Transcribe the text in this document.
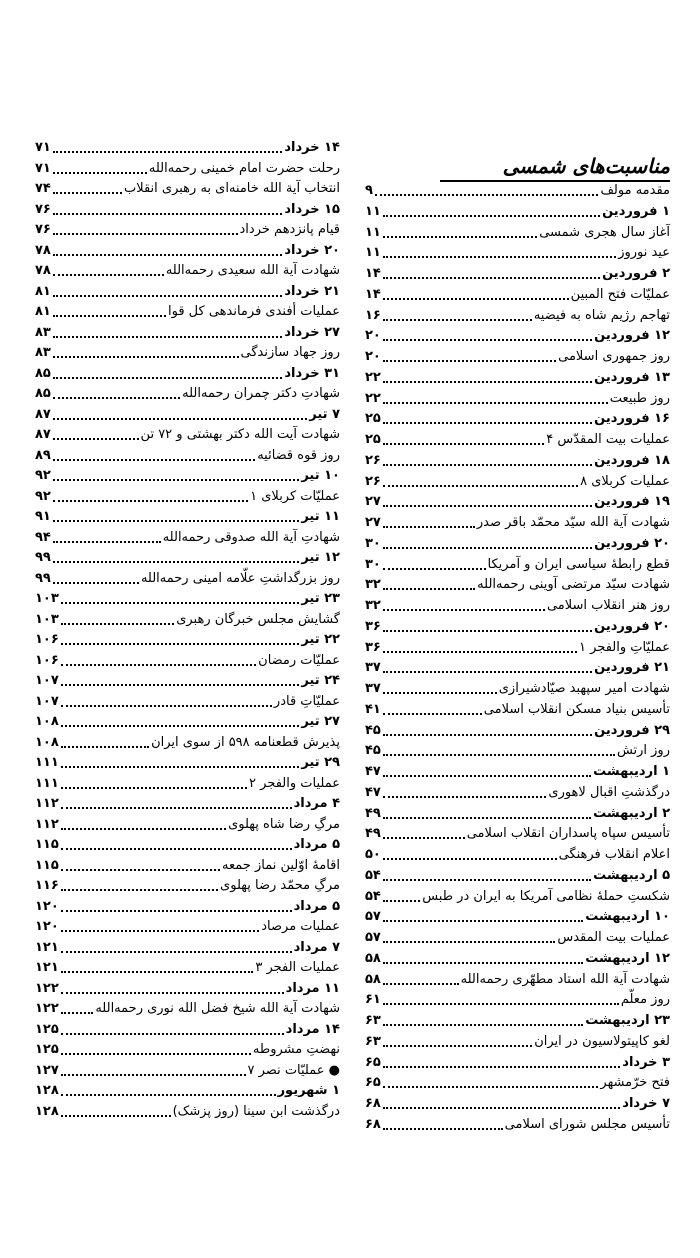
مناسبت‌های شمسی
۹	مقدمه مولف
۱۱	۱ فروردین
۱۱	آغاز سال هجری شمسی
۱۱	عید نوروز
۱۴	۲ فروردین
۱۴	عملیّات فتح المبین
۱۶	تهاجم رژیم شاه به فیضیه
۲۰	۱۲ فروردین
۲۰	روز جمهوری اسلامی
۲۲	۱۳ فروردین
۲۲	روز طبیعت
۲۵	۱۶ فروردین
۲۵	عملیات بیت المقدّس ۴
۲۶	۱۸ فروردین
۲۶	عملیات کربلای ۸
۲۷	۱۹ فروردین
۲۷	شهادت آیة الله سیّد محمّد باقر صدر
۳۰	۲۰ فروردین
۳۰	قطع رابطهٔ سیاسی ایران و آمریکا
۳۲	شهادت سیّد مرتضی آوینی رحمه‌الله
۳۲	روز هنر انقلاب اسلامی
۳۶	۲۰ فروردین
۳۶	عملیّاتِ والفجر ۱
۳۷	۲۱ فروردین
۳۷	شهادت امیر سپهبد صیّادشیرازی
۴۱	تأسیس بنیاد مسکن انقلاب اسلامی
۴۵	۲۹ فروردین
۴۵	روز ارتش
۴۷	۱ اردیبهشت
۴۷	درگذشتِ اقبال لاهوری
۴۹	۲ اردیبهشت
۴۹	تأسیس سپاه پاسداران انقلاب اسلامی
۵۰	اعلام انقلاب فرهنگی
۵۴	۵ اردیبهشت
۵۴	شکستِ حملهٔ نظامی آمریکا به ایران در طبس
۵۷	۱۰ اردیبهشت
۵۷	عملیات بیت المقدس
۵۸	۱۲ اردیبهشت
۵۸	شهادت آیة الله استاد مطهّری رحمه‌الله
۶۱	روز معلّم
۶۳	۲۳ اردیبهشت
۶۳	لغو کاپیتولاسیون در ایران
۶۵	۳ خرداد
۶۵	فتح خرّمشهر
۶۸	۷ خرداد
۶۸	تأسیس مجلس شورای اسلامی
۷۱	۱۴ خرداد
۷۱	رحلت حضرت امام خمینی رحمه‌الله
۷۴	انتخاب آیة الله خامنه‌ای به رهبری انقلاب
۷۶	۱۵ خرداد
۷۶	قیام پانزدهم خرداد
۷۸	۲۰ خرداد
۷۸	شهادت آیة الله سعیدی رحمه‌الله
۸۱	۲۱ خرداد
۸۱	عملیات أفندی فرماندهی کل قوا
۸۳	۲۷ خرداد
۸۳	روز جهاد سازندگی
۸۵	۳۱ خرداد
۸۵	شهادتِ دکتر چمران رحمه‌الله
۸۷	۷ تیر
۸۷	شهادت آیت الله دکتر بهشتی و ۷۲ تن
۸۹	روز قوه قضائیه
۹۲	۱۰ تیر
۹۲	عملیّات کربلای ۱
۹۱	۱۱ تیر
۹۴	شهادتِ آیة الله صدوقی رحمه‌الله
۹۹	۱۲ تیر
۹۹	روز بزرگداشتِ علّامه امینی رحمه‌الله
۱۰۳	۲۳ تیر
۱۰۳	گشایش مجلس خبرگان رهبری
۱۰۶	۲۲ تیر
۱۰۶	عملیّات رمضان
۱۰۷	۲۴ تیر
۱۰۷	عملیّاتِ قادر
۱۰۸	۲۷ تیر
۱۰۸	پذیرش قطعنامه ۵۹۸ از سوی ایران
۱۱۱	۲۹ تیر
۱۱۱	عملیات والفجر ۲
۱۱۲	۴ مرداد
۱۱۲	مرگِ رضا شاه پهلوی
۱۱۵	۵ مرداد
۱۱۵	اقامهٔ اوّلین نماز جمعه
۱۱۶	مرگِ محمّد رضا پهلوی
۱۲۰	۵ مرداد
۱۲۰	عملیات مرصاد
۱۲۱	۷ مرداد
۱۲۱	عملیات الفجر ۳
۱۲۲	۱۱ مرداد
۱۲۲	شهادت آیة الله شیخ فضل الله نوری رحمه‌الله
۱۲۵	۱۴ مرداد
۱۲۵	نهضتِ مشروطه
۱۲۷	● عملیّات نصر ۷
۱۲۸	۱ شهریور
۱۲۸	درگذشت ابن سینا (روز پزشک)
